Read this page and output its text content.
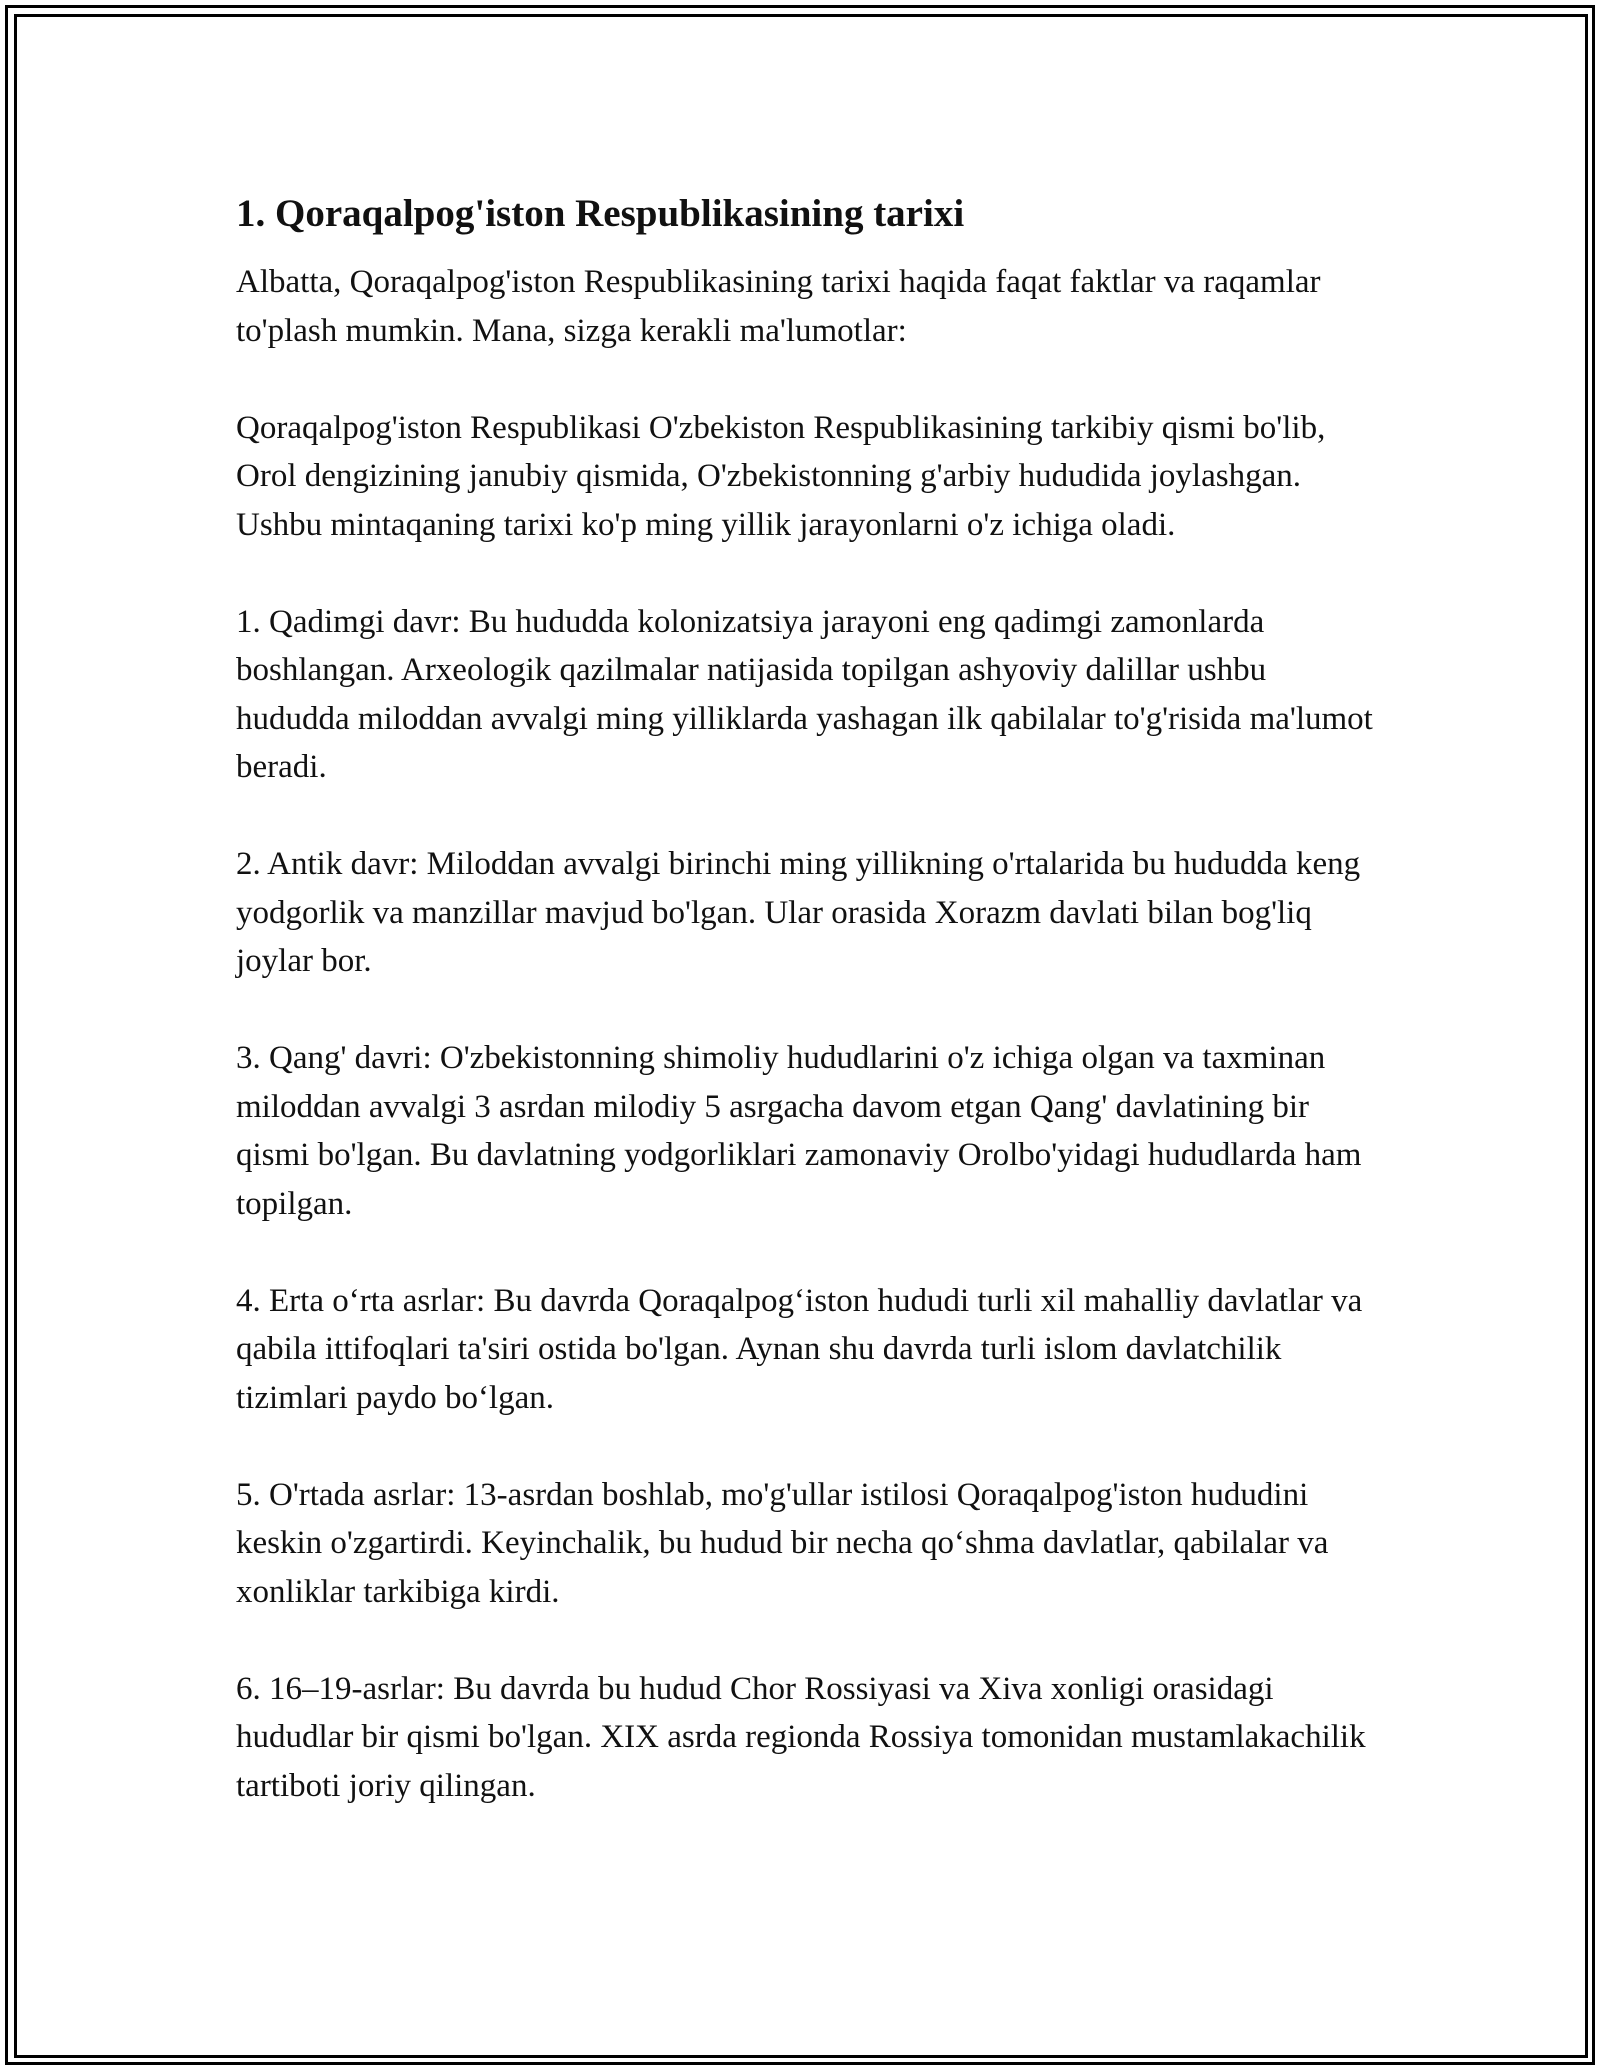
1. Qoraqalpog'iston Respublikasining tarixi

Albatta, Qoraqalpog'iston Respublikasining tarixi haqida faqat faktlar va raqamlar to'plash mumkin. Mana, sizga kerakli ma'lumotlar:

Qoraqalpog'iston Respublikasi O'zbekiston Respublikasining tarkibiy qismi bo'lib, Orol dengizining janubiy qismida, O'zbekistonning g'arbiy hududida joylashgan. Ushbu mintaqaning tarixi ko'p ming yillik jarayonlarni o'z ichiga oladi.

1. Qadimgi davr: Bu hududda kolonizatsiya jarayoni eng qadimgi zamonlarda boshlangan. Arxeologik qazilmalar natijasida topilgan ashyoviy dalillar ushbu hududda miloddan avvalgi ming yilliklarda yashagan ilk qabilalar to'g'risida ma'lumot beradi.

2. Antik davr: Miloddan avvalgi birinchi ming yillikning o'rtalarida bu hududda keng yodgorlik va manzillar mavjud bo'lgan. Ular orasida Xorazm davlati bilan bog'liq joylar bor.

3. Qang' davri: O'zbekistonning shimoliy hududlarini o'z ichiga olgan va taxminan miloddan avvalgi 3 asrdan milodiy 5 asrgacha davom etgan Qang' davlatining bir qismi bo'lgan. Bu davlatning yodgorliklari zamonaviy Orolbo'yidagi hududlarda ham topilgan.

4. Erta o‘rta asrlar: Bu davrda Qoraqalpog‘iston hududi turli xil mahalliy davlatlar va qabila ittifoqlari ta'siri ostida bo'lgan. Aynan shu davrda turli islom davlatchilik tizimlari paydo bo‘lgan.

5. O'rtada asrlar: 13-asrdan boshlab, mo'g'ullar istilosi Qoraqalpog'iston hududini keskin o'zgartirdi. Keyinchalik, bu hudud bir necha qo‘shma davlatlar, qabilalar va xonliklar tarkibiga kirdi.

6. 16–19-asrlar: Bu davrda bu hudud Chor Rossiyasi va Xiva xonligi orasidagi hududlar bir qismi bo'lgan. XIX asrda regionda Rossiya tomonidan mustamlakachilik tartiboti joriy qilingan.
